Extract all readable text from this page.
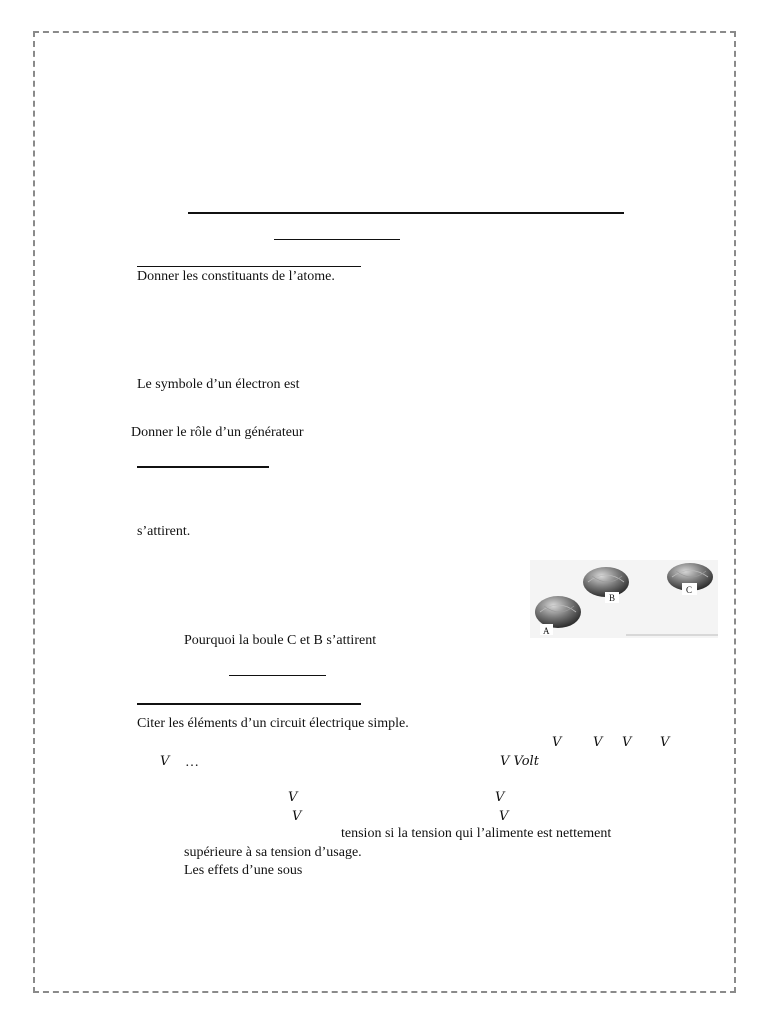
Donner les constituants de l’atome.
Le symbole d’un électron est
Donner le rôle d’un générateur
s’attirent.
A
B
C
Pourquoi la boule C et B s’attirent
Citer les éléments d’un circuit électrique simple.
V V V V
V …	V Volt
V	V
V	V
tension si la tension qui l’alimente est nettement
supérieure à sa tension d’usage.
Les effets d’une sous
